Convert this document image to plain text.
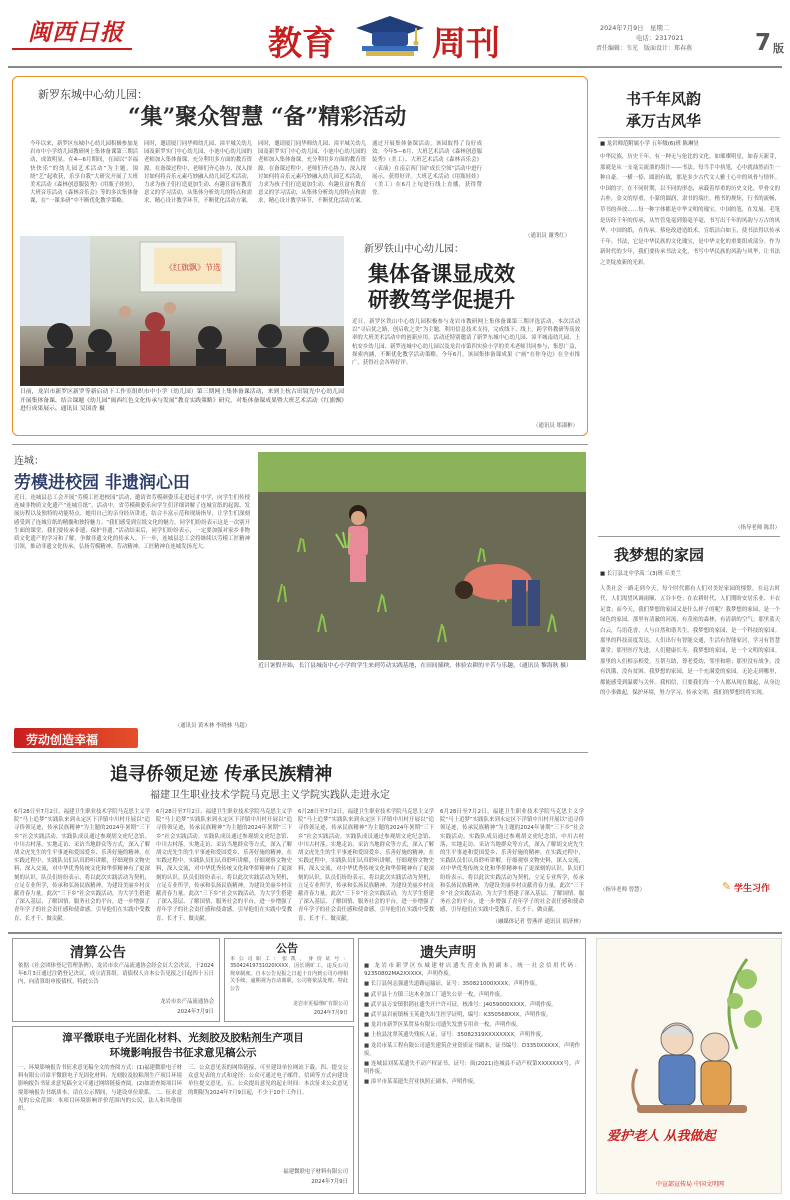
闽西日报	教育	周刊	2024年7月9日　星期二
电话：2317021
责任编辑：韦光　版面设计：郑春燕	7 版
新罗东城中心幼儿园：
“集”聚众智慧 “备”精彩活动
今年以来，新罗区东城中心幼儿园积极参加龙岩市中小学幼儿园教研网上集体备课第三期活动，成效明显。在4—6月期间，在园以“幸福快快乐”的幼儿园艺术活动”为主题，围绕“艺”起收获，乐享自我“大研究开展了大班美术活动《森林创意服装秀》《用瓶子娃娃》，大班音乐活动《森林音乐会》等的多次集体备课，在“一课多研”中不断优化教学策略。
同时，邀请厦门同华师幼儿园、漳平城关幼儿园及新罗实门中心幼儿园、小池中心幼儿园的老师加入集体备课，充分利用多方面的教育资源。在备课过程中，老师们齐心协力，深入探讨如何将音乐元素巧妙融入幼儿园艺术活动，力求为孩子们打造更加生动、有趣且富有教育意义的学习活动，从集体分析幼儿的特点和需求，精心设计教学环节，不断优化活动方案。
同时，邀请厦门同华师幼儿园、漳平城关幼儿园及新罗实门中心幼儿园、小池中心幼儿园的老师加入集体备课，充分利用多方面的教育资源。在备课过程中，老师们齐心协力，深入探讨如何将音乐元素巧妙融入幼儿园艺术活动，力求为孩子们打造更加生动、有趣且富有教育意义的学习活动，从集体分析幼儿的特点和需求，精心设计教学环节，不断优化活动方案。
通过开展集体备课活动，该园取得了良好成效。今年5—6月，大班艺术活动《森林创意服装秀》（美工）、大班艺术活动《森林音乐会》（表演）在南京西门园“成长空间”活动中进行展示，获得好评。大班艺术活动《用瓶娃娃》（美工）在6月上旬进行线上直播，获得赞誉。
（通讯员 谢秀红）
《红旗飘》节选
日前，龙岩市新罗区新罗等新启动下工作室组织市中小学（幼儿园）第三期网上集体备课活动，来到上杭古田镜光中心幼儿园开展集体备课，结合课题《幼儿园“闽西红色文化传承与发展”教育实践策略》研究，对集体备课成果暨大班艺术活动《红旗飘》进行成果展示。通讯员 吴国香 摄
新罗铁山中心幼儿园：
集体备课显成效
研教笃学促提升
近日，新罗区铁山中心幼儿园积极参与龙岩市教研网上集体备课第三期评选活动。本次活动以“寻启优之路，创启收之美”为主题，利用信息技术支持，完成线下、线上，跨学科教研等高效率的大班美术活动中的创新应用。活动还特别邀请了新罗东城中心幼儿园、漳平城南幼儿园、上杭安乡幼儿园、新罗连城中心幼儿园以及龙岩市第四实验小学的美术老师共同参与，集思广益，探索内涵，不断优化教学活动策略。今年6月，该园集体备课成果《“画”在你身边》在全市推广，获得社会各界好评。
（通讯员 郑淑彬）
书千年风韵
承万古风华
■ 龙岩师范附属小学 五年级(6)班 陈琳昊
中华民族，历史千年，有一种无与伦比的文化，如璀璨明星，如春天新芽，那就是从一支毫尖流淌的墨汁——书法。每当手中执笔，心中就油然而生一种自豪。一横一捺，圆润有致，那是多少古代文人雅士心中的风骨与情怀。中国的字，在不同时期，以不同的形态，承载着厚重的历史文化。甲骨文的古朴，金文的厚重，小篆的圆润，隶书的端庄，楷书的规矩，行书的流畅，草书的奔放……每一种字体都是中华文明的瑰宝。中国的笔，在发展。毛笔是历经千年的传承，从竹管兔毫到狼毫羊毫，书写出千年的风韵与万古的风华。中国的纸，在传承。蔡伦改进造纸术，宣纸洁白如玉，使书法得以传承千年。书法，它是中华民族的文化瑰宝，是中华文化的重要组成部分。作为新时代的少年，我们要传承书法文化，书写中华民族的风韵与风华，让书法之美绽放新的光彩。
（指导老师 陈洪）
连城：
劳模进校园 非遗润心田
近日，连城县总工会开展“劳模工匠进校园”活动，邀请省劳模颜姿乐走进冠豸中学，向学生们传授连城非物质文化遗产“连城宣纸”。活动中，省劳模颜姿乐向学生们详细讲解了连城宣纸的起源、发展历程以及独特的功能特点。她用自己的亲身经历讲述，结合丰富示范和现场指导，让学生们深刻感受到了连城宣纸的精髓和独特魅力。“我们感受到宣纸文化的魅力，同学们纷纷表示这是一次别开生面的课堂，我们要传承非遗、保护非遗。”活动结束后，同学们纷纷表示，一定要加强对家乡非物质文化遗产的学习和了解，争做非遗文化的传承人。下一步，连城县总工会将继续以劳模工匠精神引领，推动非遗文化传承，弘扬劳模精神、劳动精神、工匠精神在连城发扬光大。
（通讯员 黄木林 李晓林 马超）
劳动创造幸福
近日暑假开始，长汀县城南中心小学的学生来到劳动实践基地，在田间插秧，体验农耕的辛苦与乐趣。（通讯员 黎海秋 摄）
追寻侨领足迹 传承民族精神
福建卫生职业技术学院马克思主义学院实践队走进永定
6月28日至7月2日，福建卫生职业技术学院马克思主义学院“马上追梦”实践队来到永定区下洋镇中川村开展以“追寻侨领足迹，传承民族精神”为主题的2024年暑期“三下乡”社会实践活动。实践队成员通过参观胡文虎纪念馆、中川古村落，实地走访、采访当地群众等方式，深入了解胡文虎先生的生平事迹和爱国爱乡、乐善好施的精神。在实践过程中，实践队员们认真聆听讲解，仔细观察文物史料，深入交流，对中华优秀传统文化和华侨精神有了更深刻的认识。队员们纷纷表示，将以此次实践活动为契机，立足专业所学，传承和弘扬民族精神，为建设美丽乡村贡献青春力量。此次“三下乡”社会实践活动，为大学生搭建了深入基层、了解国情、服务社会的平台，进一步增强了青年学子的社会责任感和使命感，引导他们在实践中受教育、长才干、做贡献。
6月28日至7月2日，福建卫生职业技术学院马克思主义学院“马上追梦”实践队来到永定区下洋镇中川村开展以“追寻侨领足迹，传承民族精神”为主题的2024年暑期“三下乡”社会实践活动。实践队成员通过参观胡文虎纪念馆、中川古村落，实地走访、采访当地群众等方式，深入了解胡文虎先生的生平事迹和爱国爱乡、乐善好施的精神。在实践过程中，实践队员们认真聆听讲解，仔细观察文物史料，深入交流，对中华优秀传统文化和华侨精神有了更深刻的认识。队员们纷纷表示，将以此次实践活动为契机，立足专业所学，传承和弘扬民族精神，为建设美丽乡村贡献青春力量。此次“三下乡”社会实践活动，为大学生搭建了深入基层、了解国情、服务社会的平台，进一步增强了青年学子的社会责任感和使命感，引导他们在实践中受教育、长才干、做贡献。
6月28日至7月2日，福建卫生职业技术学院马克思主义学院“马上追梦”实践队来到永定区下洋镇中川村开展以“追寻侨领足迹，传承民族精神”为主题的2024年暑期“三下乡”社会实践活动。实践队成员通过参观胡文虎纪念馆、中川古村落，实地走访、采访当地群众等方式，深入了解胡文虎先生的生平事迹和爱国爱乡、乐善好施的精神。在实践过程中，实践队员们认真聆听讲解，仔细观察文物史料，深入交流，对中华优秀传统文化和华侨精神有了更深刻的认识。队员们纷纷表示，将以此次实践活动为契机，立足专业所学，传承和弘扬民族精神，为建设美丽乡村贡献青春力量。此次“三下乡”社会实践活动，为大学生搭建了深入基层、了解国情、服务社会的平台，进一步增强了青年学子的社会责任感和使命感，引导他们在实践中受教育、长才干、做贡献。
6月28日至7月2日，福建卫生职业技术学院马克思主义学院“马上追梦”实践队来到永定区下洋镇中川村开展以“追寻侨领足迹，传承民族精神”为主题的2024年暑期“三下乡”社会实践活动。实践队成员通过参观胡文虎纪念馆、中川古村落，实地走访、采访当地群众等方式，深入了解胡文虎先生的生平事迹和爱国爱乡、乐善好施的精神。在实践过程中，实践队员们认真聆听讲解，仔细观察文物史料，深入交流，对中华优秀传统文化和华侨精神有了更深刻的认识。队员们纷纷表示，将以此次实践活动为契机，立足专业所学，传承和弘扬民族精神，为建设美丽乡村贡献青春力量。此次“三下乡”社会实践活动，为大学生搭建了深入基层、了解国情、服务社会的平台，进一步增强了青年学子的社会责任感和使命感，引导他们在实践中受教育、长才干、做贡献。
（融媒体记者 曾燕祥 通讯员 胡济林）
我梦想的家园
■ 长汀县北中学高二(3)班 丘美兰
人类社会一路走到今天，每个时代都有人们对美好家园的憧憬。在远古时代，人们渴望风调雨顺、五谷丰登；在农耕时代，人们期盼安居乐业、丰衣足食；而今天，我们梦想的家园又是什么样子的呢？我梦想的家园，是一个绿色的家园。那里有清澈的河流，有茂密的森林，有清新的空气；那里蓝天白云，鸟语花香，人与自然和谐共生。我梦想的家园，是一个科技的家园。那里的科技高度发达，人们出行有智能交通，生活有智能家居，学习有智慧课堂；那里医疗先进，人们健康长寿。我梦想的家园，是一个文明的家园。那里的人们相亲相爱，互帮互助，尊老爱幼，邻里和睦；那里没有战争，没有饥饿，没有贫困。我梦想的家园，是一个充满爱的家园。无论走到哪里，都能感受到温暖与关怀。我相信，只要我们每一个人都从现在做起，从身边的小事做起，保护环境，努力学习，传承文明，我们的梦想终将实现。
（指导老师 曾慧）	✎ 学生习作
清算公告
依据《社会团体登记管理条例》，龙岩市农产品流通协会经会员大会决议，于2024年6月3日通过注销登记决议，成立清算组。请债权人自本公告见报之日起四十五日内，向清算组申报债权。特此公告
龙岩市农产品流通协会
2024年7月9日
公告
本公司职工：张凯，身份证号：35042419731020XXXX，因长期旷工，违反公司规章制度。自本公告见报之日起十日内到公司办理相关手续，逾期视为自动离职，公司将依法处理。特此公告
龙岩市更福理矿有限公司
2024年7月9日
遗失声明
■ 龙岩市新罗区东城建材店遗失营业执照副本，统一社会信用代码：92350802MA2XXXXX，声明作废。
■ 长汀县何志强遗失道路运输证，证号：350821000XXXX，声明作废。
■ 武平县十方镇三达木业加工厂遗失公章一枚，声明作废。
■ 武平县万安镇供销社遗失开户许可证，核准号：J4059000XXXX，声明作废。
■ 武平县岩前镇杨玉英遗失出生医学证明，编号：K350568XXX，声明作废。
■ 龙岩市新罗区某贸易有限公司遗失发票专用章一枚，声明作废。
■ 上杭县沈翠英遗失残疾人证，证号：35082319XXXXXXXX，声明作废。
■ 龙岩市某工程有限公司遗失建筑企业资质证书副本，证书编号：D3350XXXXX，声明作废。
■ 连城县刘某某遗失不动产权证书，证号：闽(2021)连城县不动产权第XXXXXXX号，声明作废。
■ 漳平市某某遗失营业执照正副本，声明作废。
漳平微联电子光固化材料、光刻胶及胶粘剂生产项目
环境影响报告书征求意见稿公示
一、环境影响报告书征求意见稿全文的查阅方式：(1)福建微联电子材料有限公司漳平微联电子光固化材料、光刻胶及胶粘剂生产项目环境影响报告书征求意见稿全文可通过网络链接查阅。(2)如需查阅项目环境影响报告书纸质本，请在公示期间，与建设单位联系。二、征求意见的公众范围：本项目环境影响评价范围内的公民、法人和其他组织。
三、公众意见表的网络链接，可至建设单位网站下载。四、提交公众意见表的方式和途径：公众可通过电子邮件、信函等方式向建设单位提交意见。五、公众提出意见的起止时间：本次征求公众意见的期限为2024年7月9日起，不少于10个工作日。
福建微联电子材料有限公司
2024年7月9日
爱护老人 从我做起
中宣部宣传局 中国文明网
